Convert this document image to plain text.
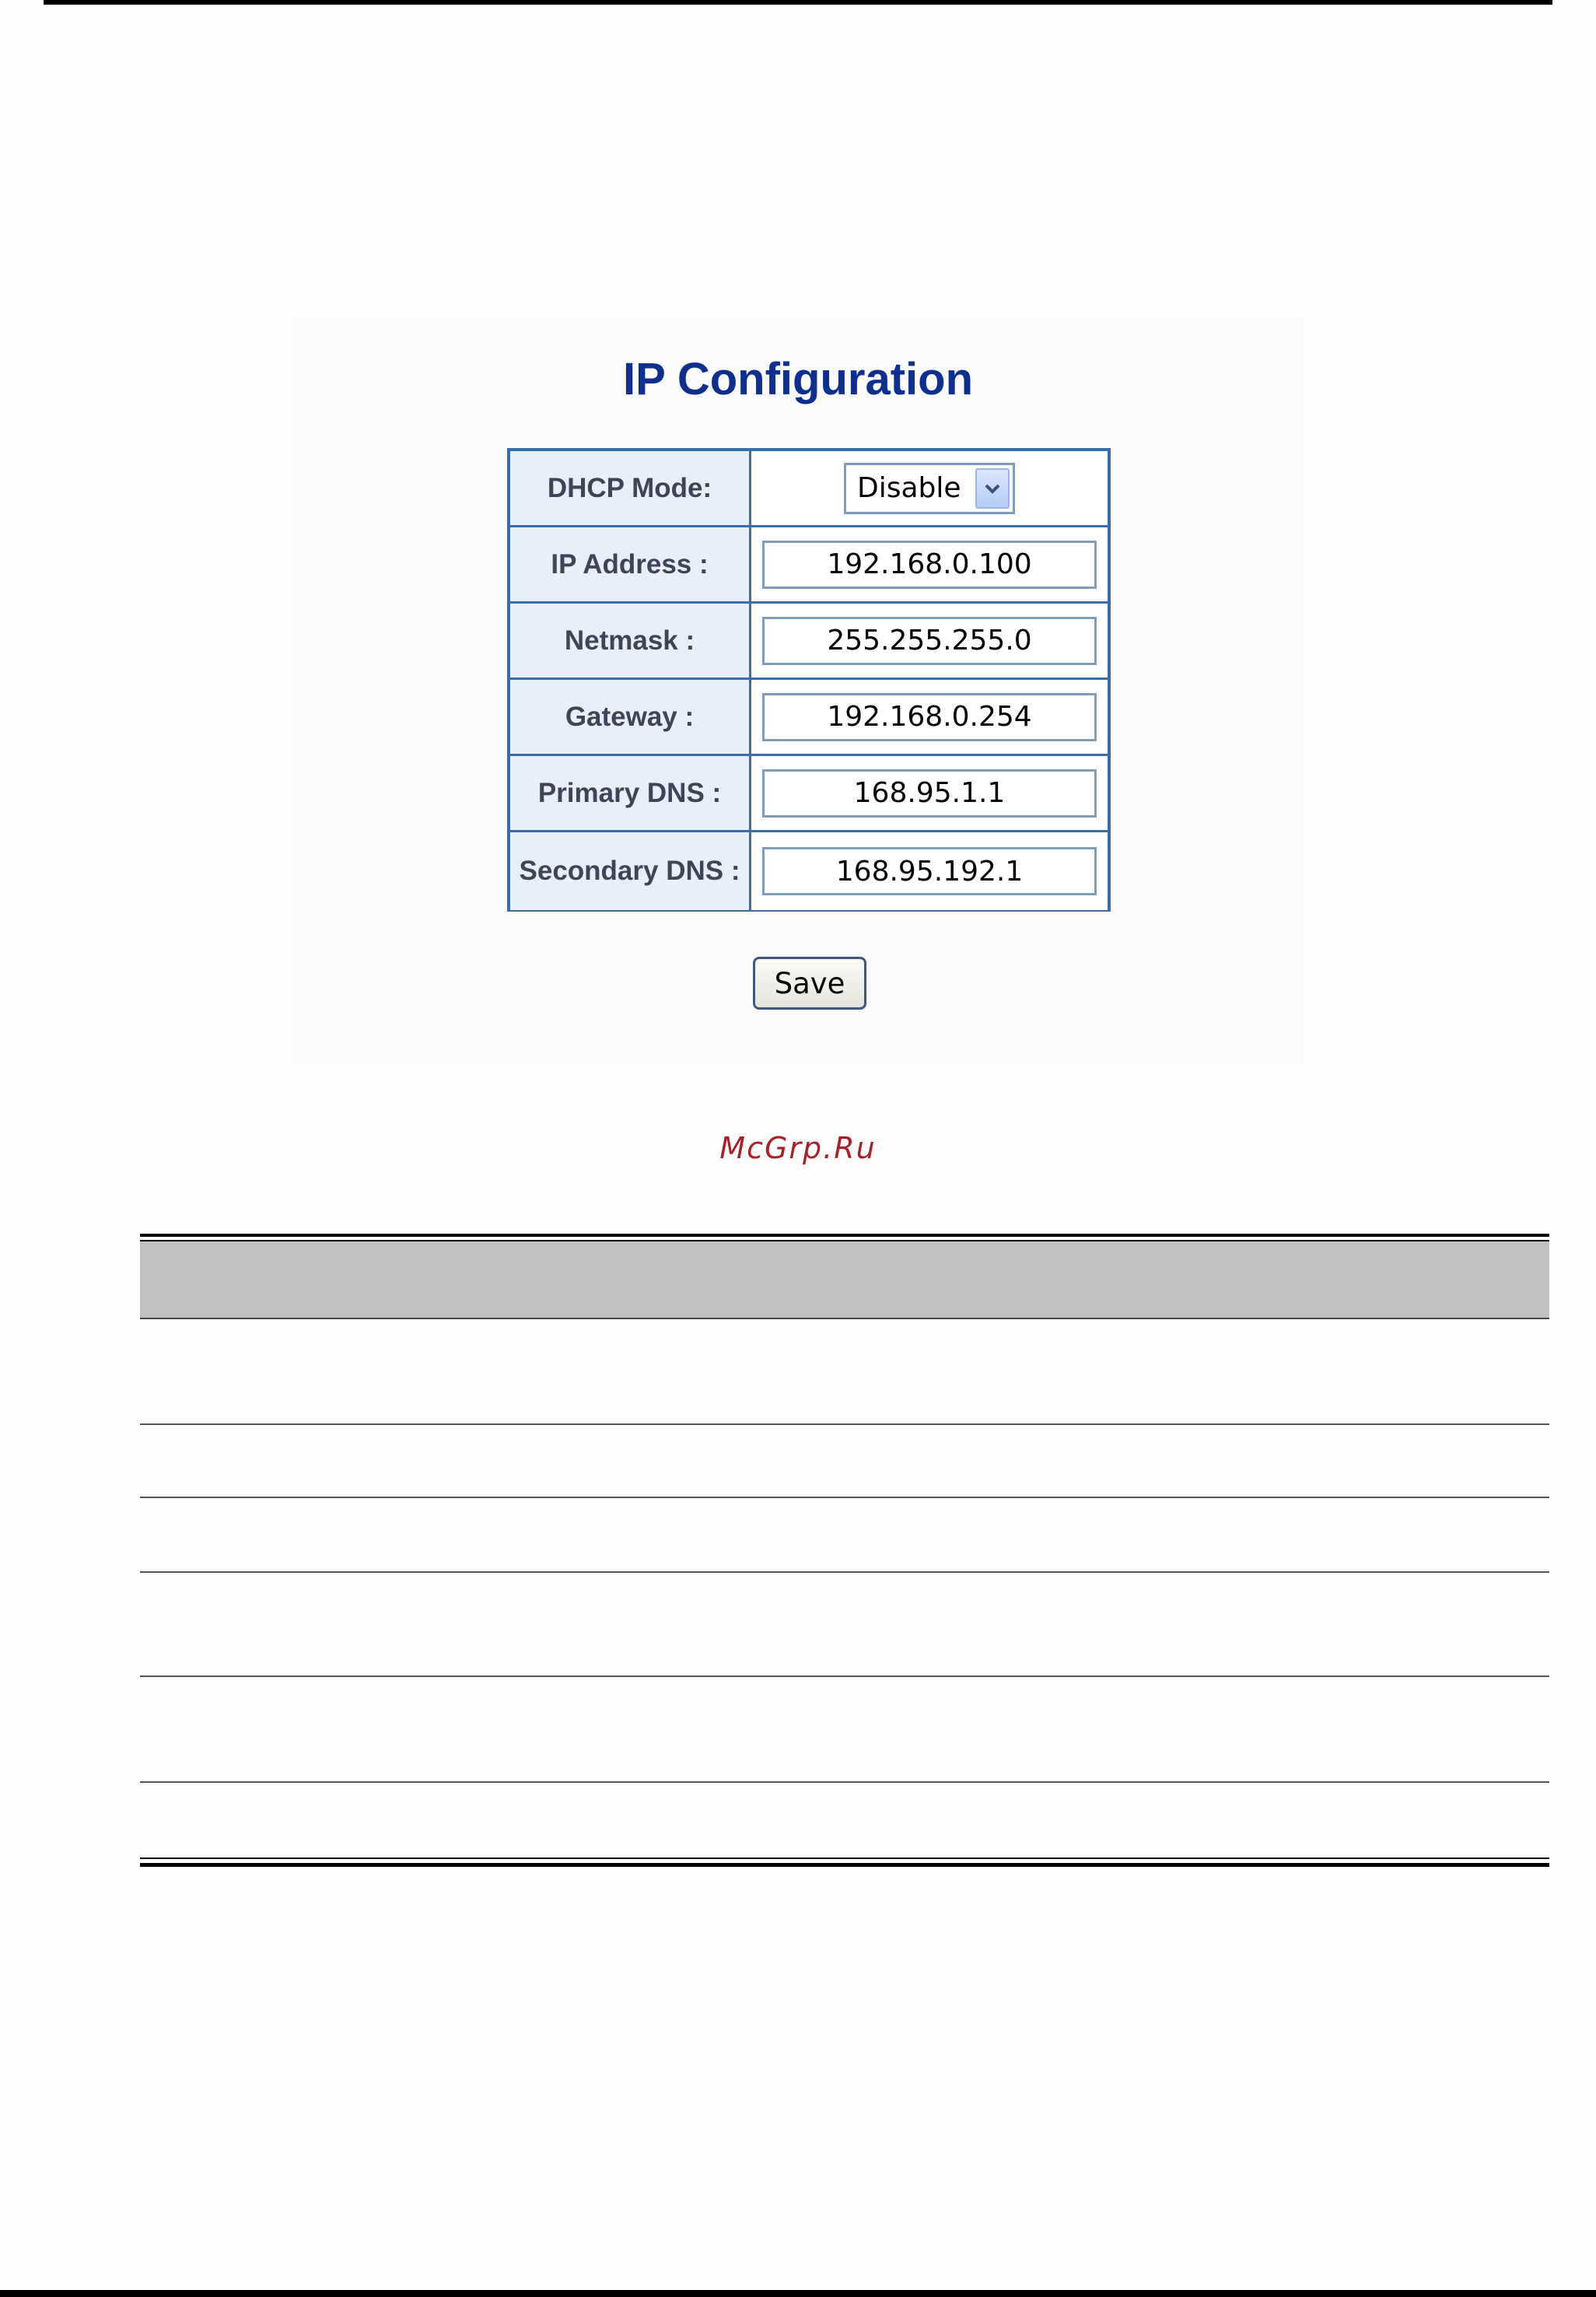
IP Configuration
DHCP Mode:	Disable
IP Address :	192.168.0.100
Netmask :	255.255.255.0
Gateway :	192.168.0.254
Primary DNS :	168.95.1.1
Secondary DNS :	168.95.192.1
Save
McGrp.Ru
